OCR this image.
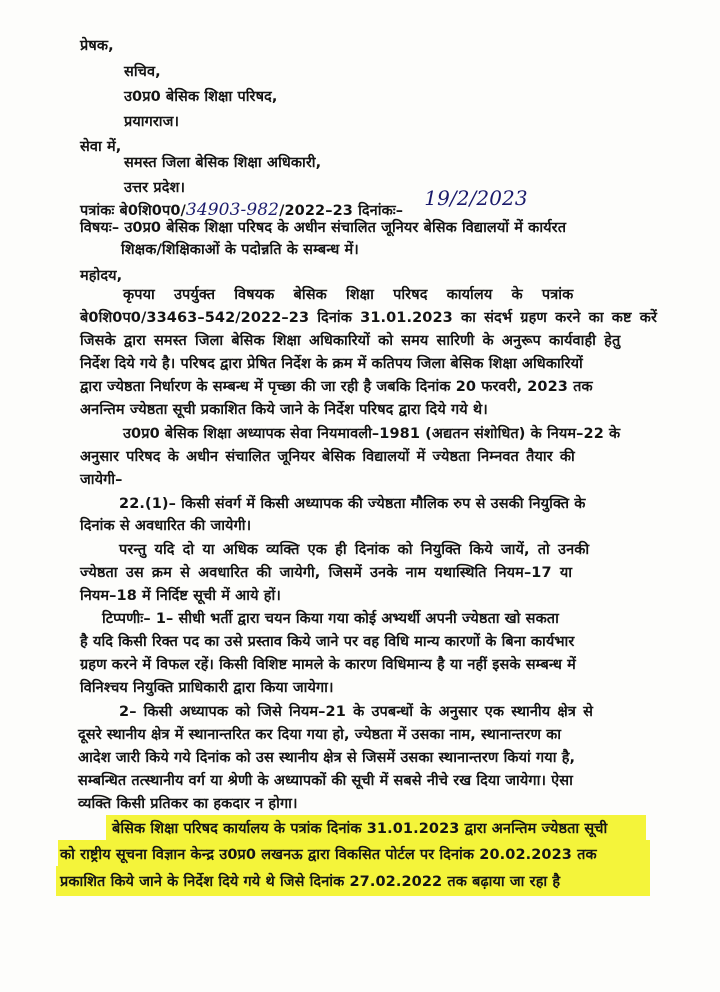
प्रेषक,
सचिव,
उ0प्र0 बेसिक शिक्षा परिषद,
प्रयागराज।
सेवा में,
समस्त जिला बेसिक शिक्षा अधिकारी,
उत्तर प्रदेश।
पत्रांकः बे0शि0प0/34903-982/2022–23 दिनांकः– 19/2/2023
विषयः– उ0प्र0 बेसिक शिक्षा परिषद के अधीन संचालित जूनियर बेसिक विद्यालयों में कार्यरत
शिक्षक/शिक्षिकाओं के पदोन्नति के सम्बन्ध में।
महोदय,
कृपया उपर्युक्त विषयक बेसिक शिक्षा परिषद कार्यालय के पत्रांक
बे0शि0प0/33463–542/2022–23 दिनांक 31.01.2023 का संदर्भ ग्रहण करने का कष्ट करें
जिसके द्वारा समस्त जिला बेसिक शिक्षा अधिकारियों को समय सारिणी के अनुरूप कार्यवाही हेतु
निर्देश दिये गये है। परिषद द्वारा प्रेषित निर्देश के क्रम में कतिपय जिला बेसिक शिक्षा अधिकारियों
द्वारा ज्येष्ठता निर्धारण के सम्बन्ध में पृच्छा की जा रही है जबकि दिनांक 20 फरवरी, 2023 तक
अनन्तिम ज्येष्ठता सूची प्रकाशित किये जाने के निर्देश परिषद द्वारा दिये गये थे।
उ0प्र0 बेसिक शिक्षा अध्यापक सेवा नियमावली–1981 (अद्यतन संशोधित) के नियम–22 के
अनुसार परिषद के अधीन संचालित जूनियर बेसिक विद्यालयों में ज्येष्ठता निम्नवत तैयार की
जायेगी–
22.(1)– किसी संवर्ग में किसी अध्यापक की ज्येष्ठता मौलिक रुप से उसकी नियुक्ति के
दिनांक से अवधारित की जायेगी।
परन्तु यदि दो या अधिक व्यक्ति एक ही दिनांक को नियुक्ति किये जायें, तो उनकी
ज्येष्ठता उस क्रम से अवधारित की जायेगी, जिसमें उनके नाम यथास्थिति नियम–17 या
नियम–18 में निर्दिष्ट सूची में आये हों।
टिप्पणीः– 1– सीधी भर्ती द्वारा चयन किया गया कोई अभ्यर्थी अपनी ज्येष्ठता खो सकता
है यदि किसी रिक्त पद का उसे प्रस्ताव किये जाने पर वह विधि मान्य कारणों के बिना कार्यभार
ग्रहण करने में विफल रहें। किसी विशिष्ट मामले के कारण विधिमान्य है या नहीं इसके सम्बन्ध में
विनिश्चय नियुक्ति प्राधिकारी द्वारा किया जायेगा।
2– किसी अध्यापक को जिसे नियम–21 के उपबन्धों के अनुसार एक स्थानीय क्षेत्र से
दूसरे स्थानीय क्षेत्र में स्थानान्तरित कर दिया गया हो, ज्येष्ठता में उसका नाम, स्थानान्तरण का
आदेश जारी किये गये दिनांक को उस स्थानीय क्षेत्र से जिसमें उसका स्थानान्तरण कियां गया है,
सम्बन्धित तत्स्थानीय वर्ग या श्रेणी के अध्यापकों की सूची में सबसे नीचे रख दिया जायेगा। ऐसा
व्यक्ति किसी प्रतिकर का हकदार न होगा।
बेसिक शिक्षा परिषद कार्यालय के पत्रांक दिनांक 31.01.2023 द्वारा अनन्तिम ज्येष्ठता सूची
को राष्ट्रीय सूचना विज्ञान केन्द्र उ0प्र0 लखनऊ द्वारा विकसित पोर्टल पर दिनांक 20.02.2023 तक
प्रकाशित किये जाने के निर्देश दिये गये थे जिसे दिनांक 27.02.2022 तक बढ़ाया जा रहा है
